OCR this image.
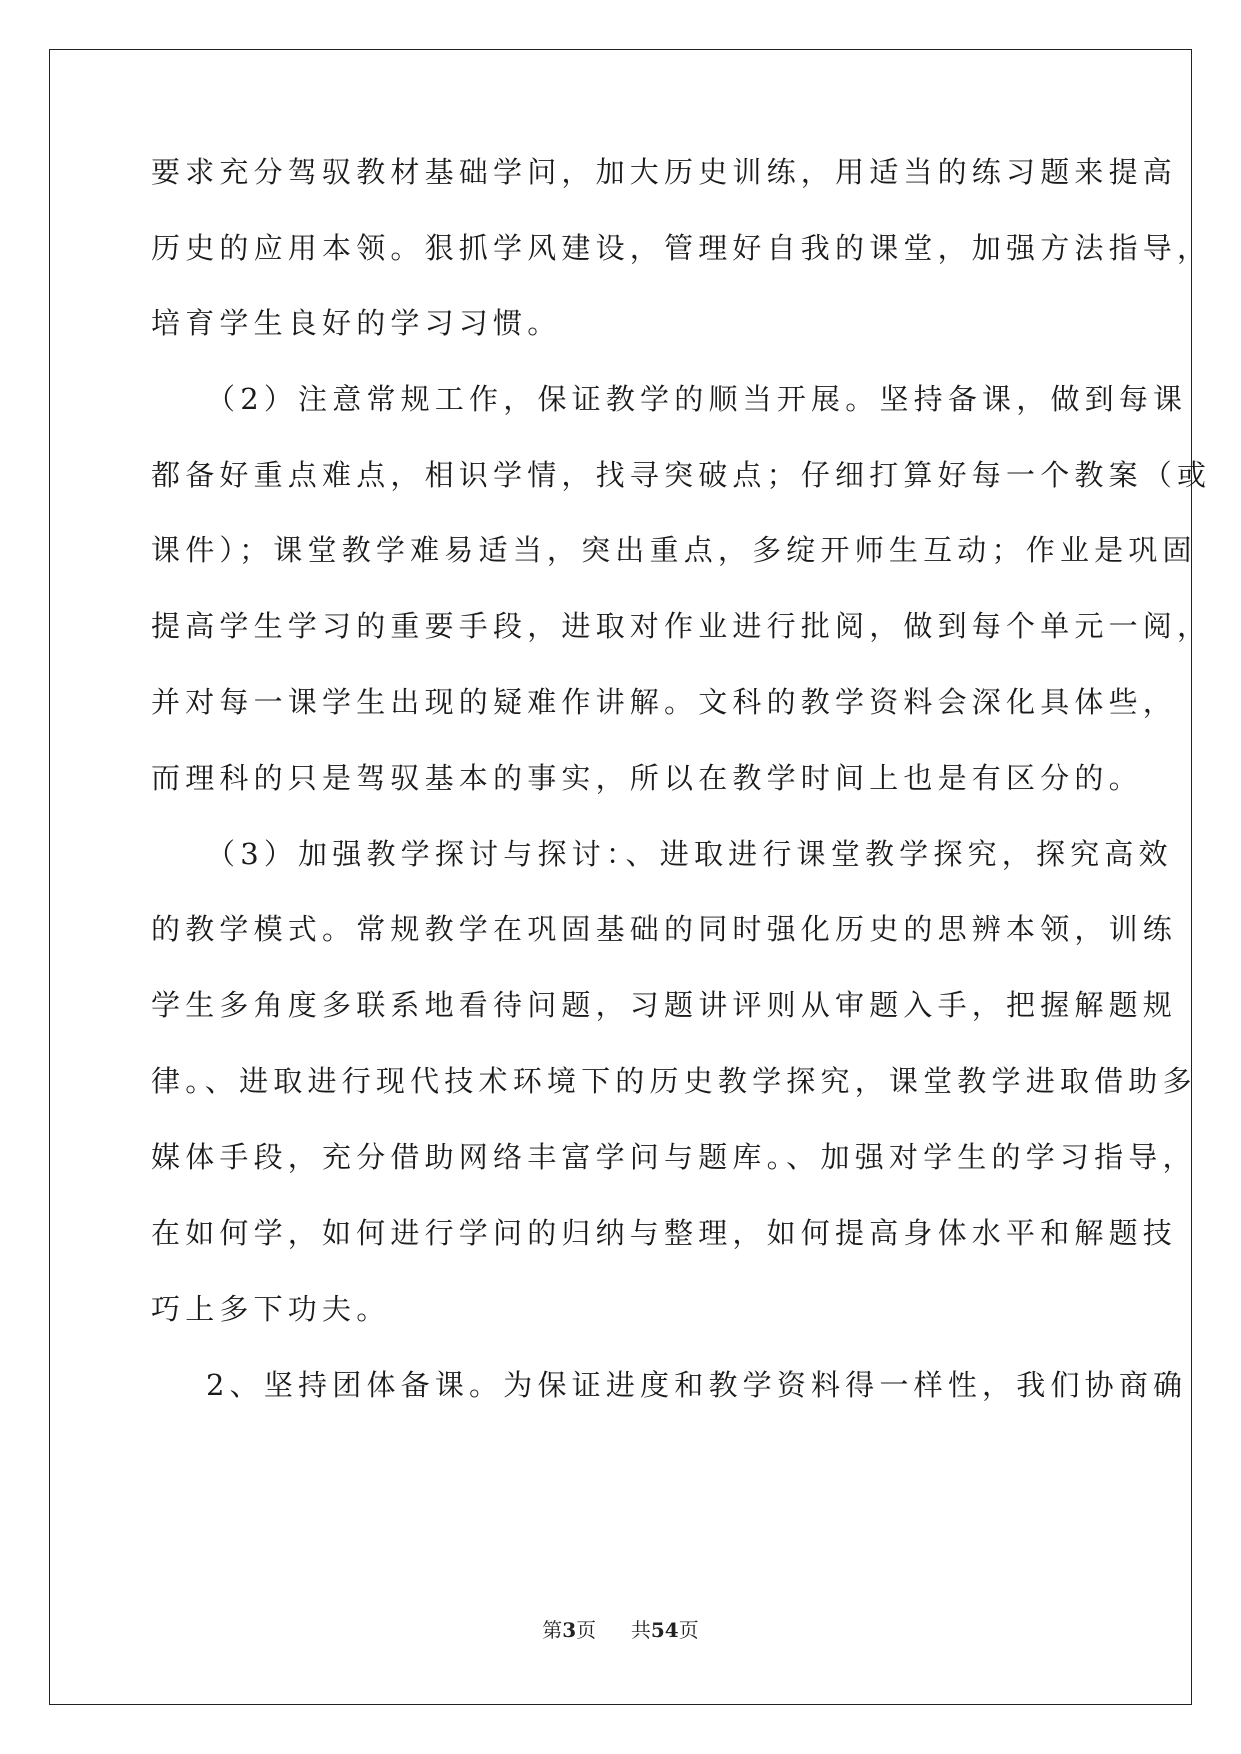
要求充分驾驭教材基础学问，加大历史训练，用适当的练习题来提高
历史的应用本领。狠抓学风建设，管理好自我的课堂，加强方法指导，
培育学生良好的学习习惯。
（2）注意常规工作，保证教学的顺当开展。坚持备课，做到每课
都备好重点难点，相识学情，找寻突破点；仔细打算好每一个教案（或
课件）；课堂教学难易适当，突出重点，多绽开师生互动；作业是巩固
提高学生学习的重要手段，进取对作业进行批阅，做到每个单元一阅，
并对每一课学生出现的疑难作讲解。文科的教学资料会深化具体些，
而理科的只是驾驭基本的事实，所以在教学时间上也是有区分的。
（3）加强教学探讨与探讨：、进取进行课堂教学探究，探究高效
的教学模式。常规教学在巩固基础的同时强化历史的思辨本领，训练
学生多角度多联系地看待问题，习题讲评则从审题入手，把握解题规
律。、进取进行现代技术环境下的历史教学探究，课堂教学进取借助多
媒体手段，充分借助网络丰富学问与题库。、加强对学生的学习指导，
在如何学，如何进行学问的归纳与整理，如何提高身体水平和解题技
巧上多下功夫。
2、坚持团体备课。为保证进度和教学资料得一样性，我们协商确
第3页 共54页
